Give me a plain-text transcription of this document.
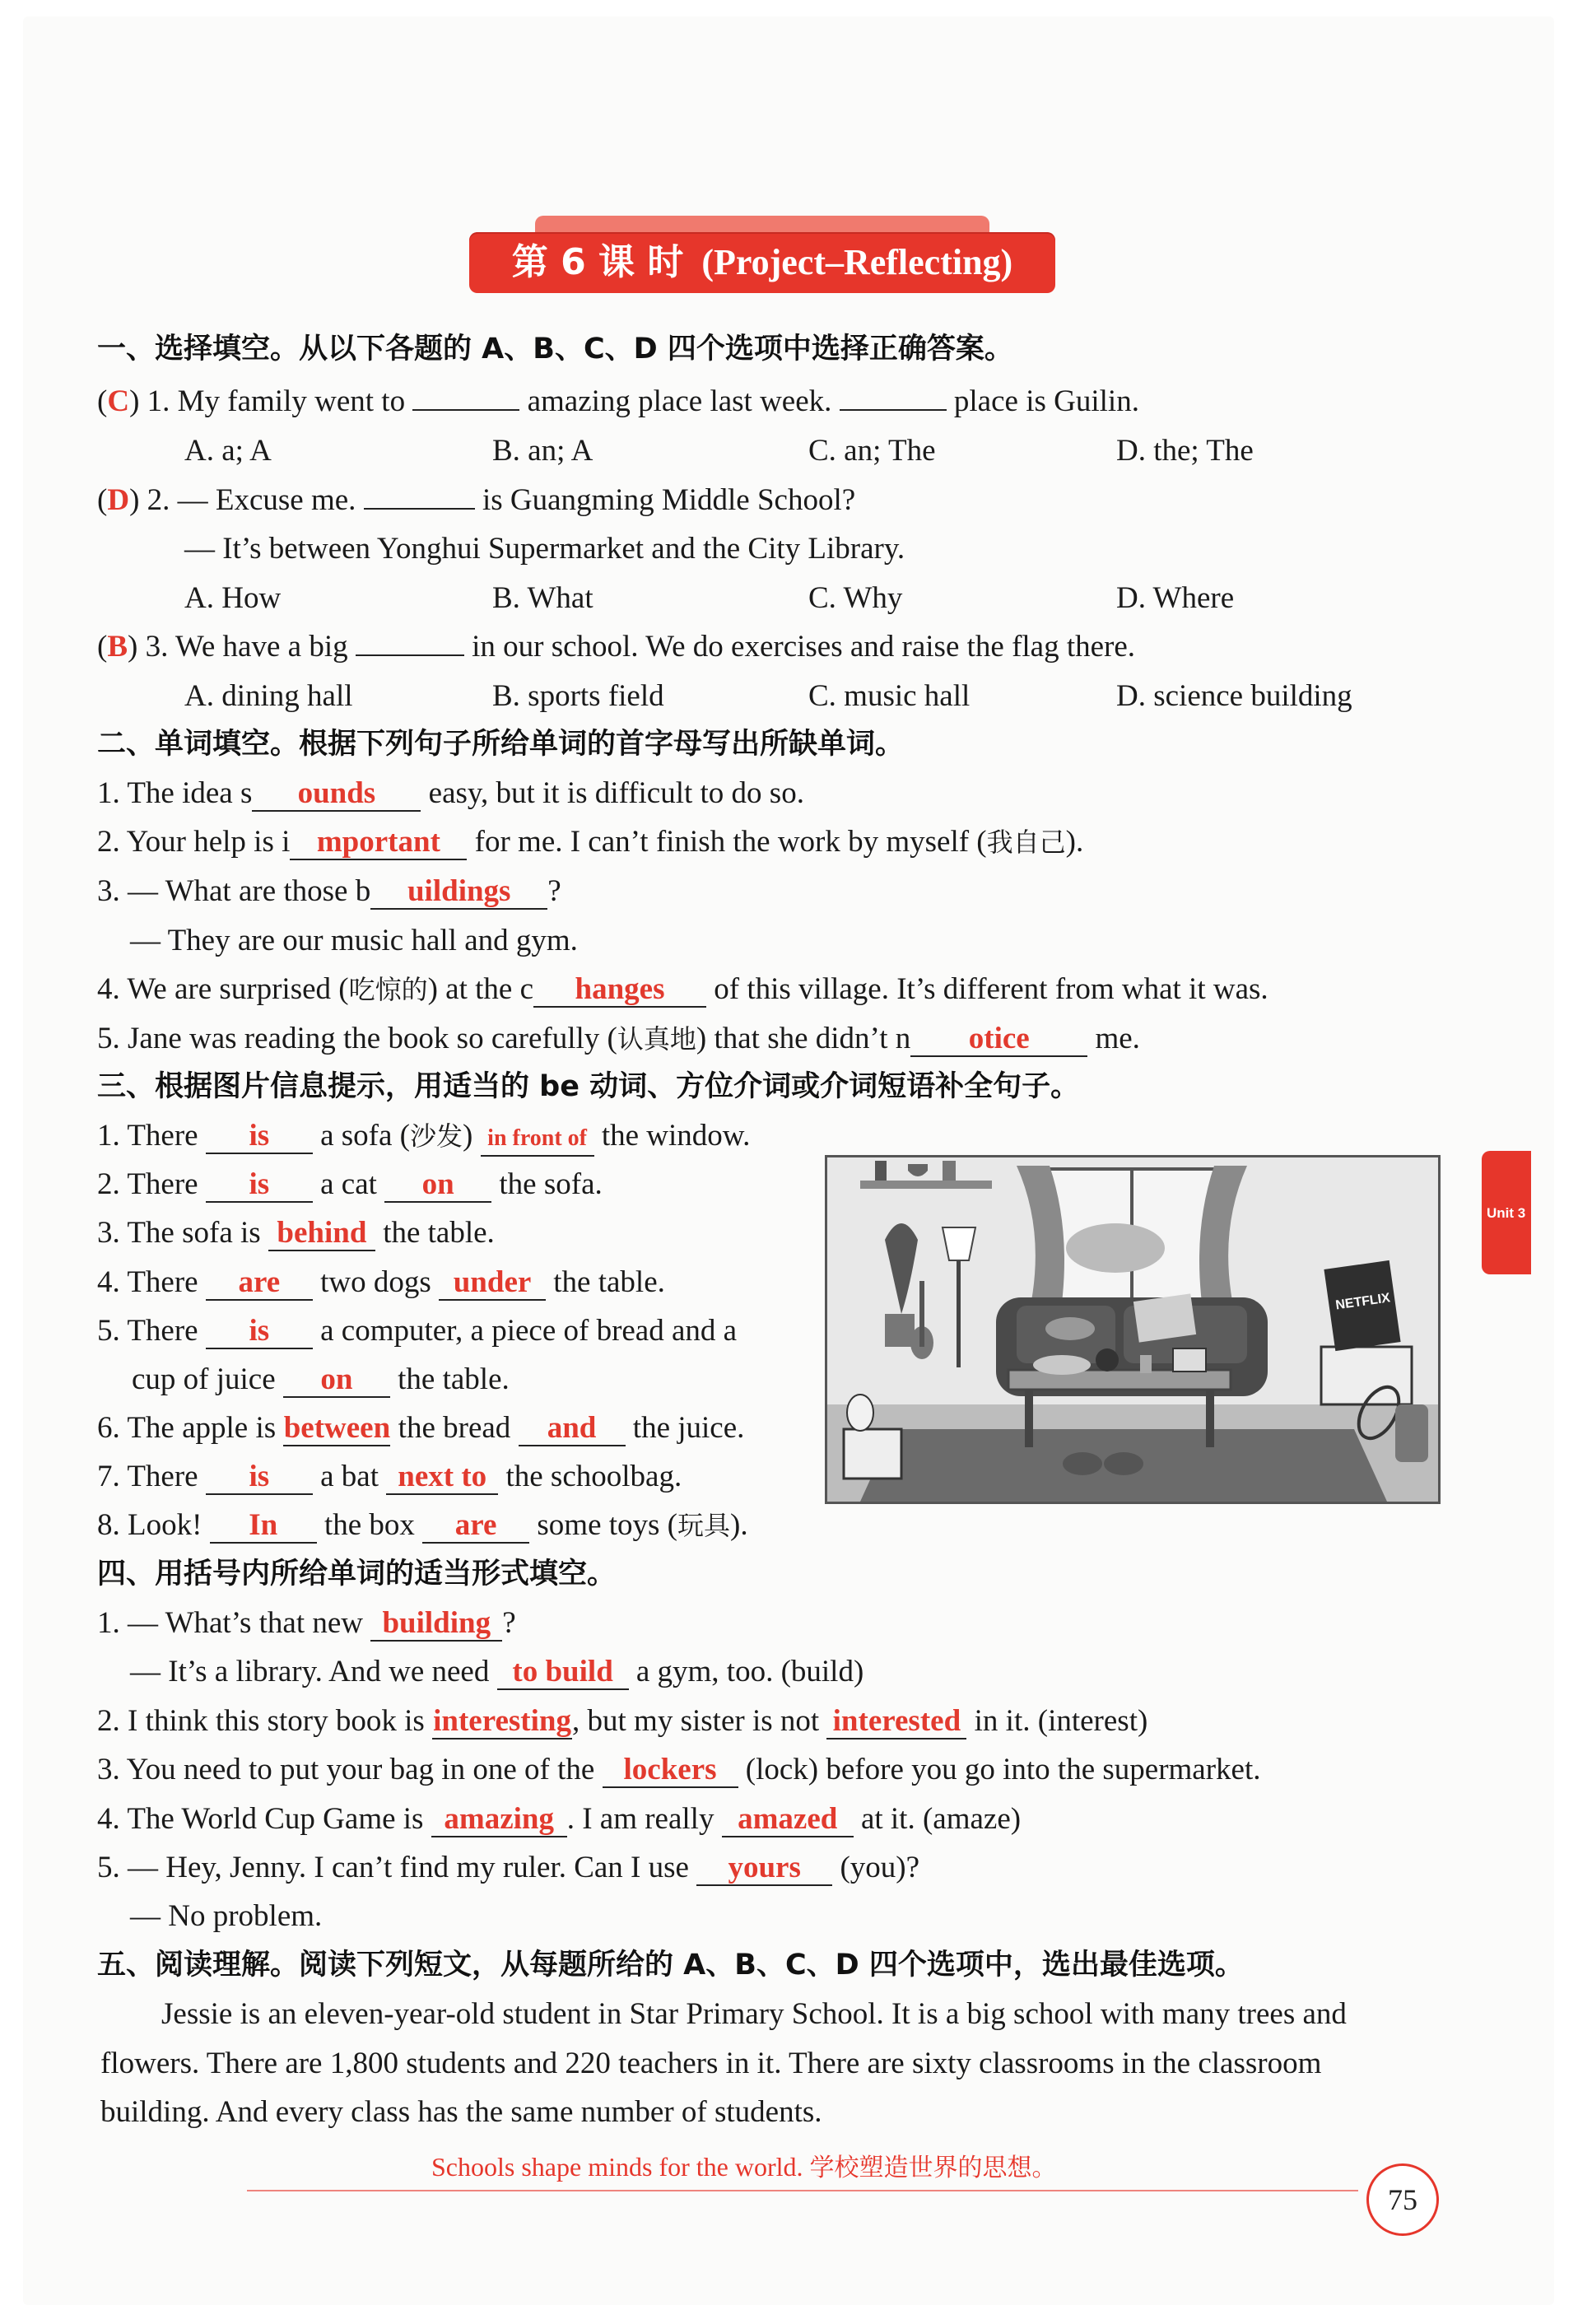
第 6 课 时 (Project–Reflecting)
一、选择填空。从以下各题的 A、B、C、D 四个选项中选择正确答案。
(C) 1. My family went to	amazing place last week.	place is Guilin.
A. a; A	B. an; A	C. an; The	D. the; The
(D) 2. — Excuse me.	is Guangming Middle School?
— It’s between Yonghui Supermarket and the City Library.
A. How	B. What	C. Why	D. Where
(B) 3. We have a big	in our school. We do exercises and raise the flag there.
A. dining hall	B. sports field	C. music hall	D. science building
二、单词填空。根据下列句子所给单词的首字母写出所缺单词。
1. The idea s ounds easy, but it is difficult to do so.
2. Your help is i mportant for me. I can’t finish the work by myself (我自己).
3. — What are those b uildings ?
— They are our music hall and gym.
4. We are surprised (吃惊的) at the c hanges of this village. It’s different from what it was.
5. Jane was reading the book so carefully (认真地) that she didn’t n otice me.
三、根据图片信息提示，用适当的 be 动词、方位介词或介词短语补全句子。
1. There is a sofa (沙发) in front of the window.
2. There is a cat on the sofa.
3. The sofa is behind the table.
4. There are two dogs under the table.
5. There is a computer, a piece of bread and a
cup of juice on the table.
6. The apple is between the bread and the juice.
7. There is a bat next to the schoolbag.
8. Look! In the box are some toys (玩具).
NETFLIX
Unit 3
四、用括号内所给单词的适当形式填空。
1. — What’s that new building ?
— It’s a library. And we need to build a gym, too. (build)
2. I think this story book is interesting, but my sister is not interested in it. (interest)
3. You need to put your bag in one of the lockers (lock) before you go into the supermarket.
4. The World Cup Game is amazing . I am really amazed at it. (amaze)
5. — Hey, Jenny. I can’t find my ruler. Can I use yours (you)?
— No problem.
五、阅读理解。阅读下列短文，从每题所给的 A、B、C、D 四个选项中，选出最佳选项。
Jessie is an eleven-year-old student in Star Primary School. It is a big school with many trees and
flowers. There are 1,800 students and 220 teachers in it. There are sixty classrooms in the classroom
building. And every class has the same number of students.
Schools shape minds for the world. 学校塑造世界的思想。
75
